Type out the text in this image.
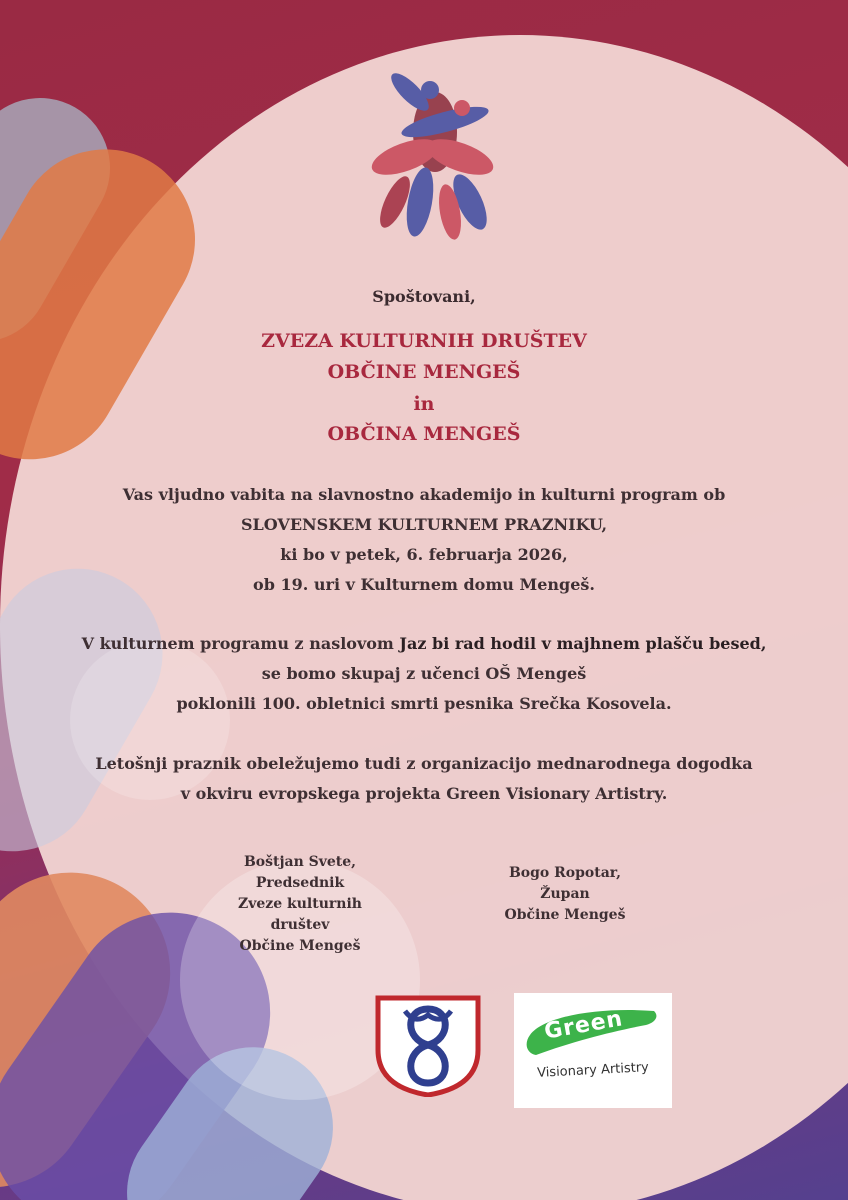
Spoštovani,
ZVEZA KULTURNIH DRUŠTEV
OBČINE MENGEŠ
in
OBČINA MENGEŠ
Vas vljudno vabita na slavnostno akademijo in kulturni program ob
SLOVENSKEM KULTURNEM PRAZNIKU,
ki bo v petek, 6. februarja 2026,
ob 19. uri v Kulturnem domu Mengeš.
V kulturnem programu z naslovom Jaz bi rad hodil v majhnem plašču besed,
se bomo skupaj z učenci OŠ Mengeš
poklonili 100. obletnici smrti pesnika Srečka Kosovela.
Letošnji praznik obeležujemo tudi z organizacijo mednarodnega dogodka
v okviru evropskega projekta Green Visionary Artistry.
Boštjan Svete,
Predsednik
Zveze kulturnih
društev
Občine Mengeš
Bogo Ropotar,
Župan
Občine Mengeš
Green
Visionary Artistry
